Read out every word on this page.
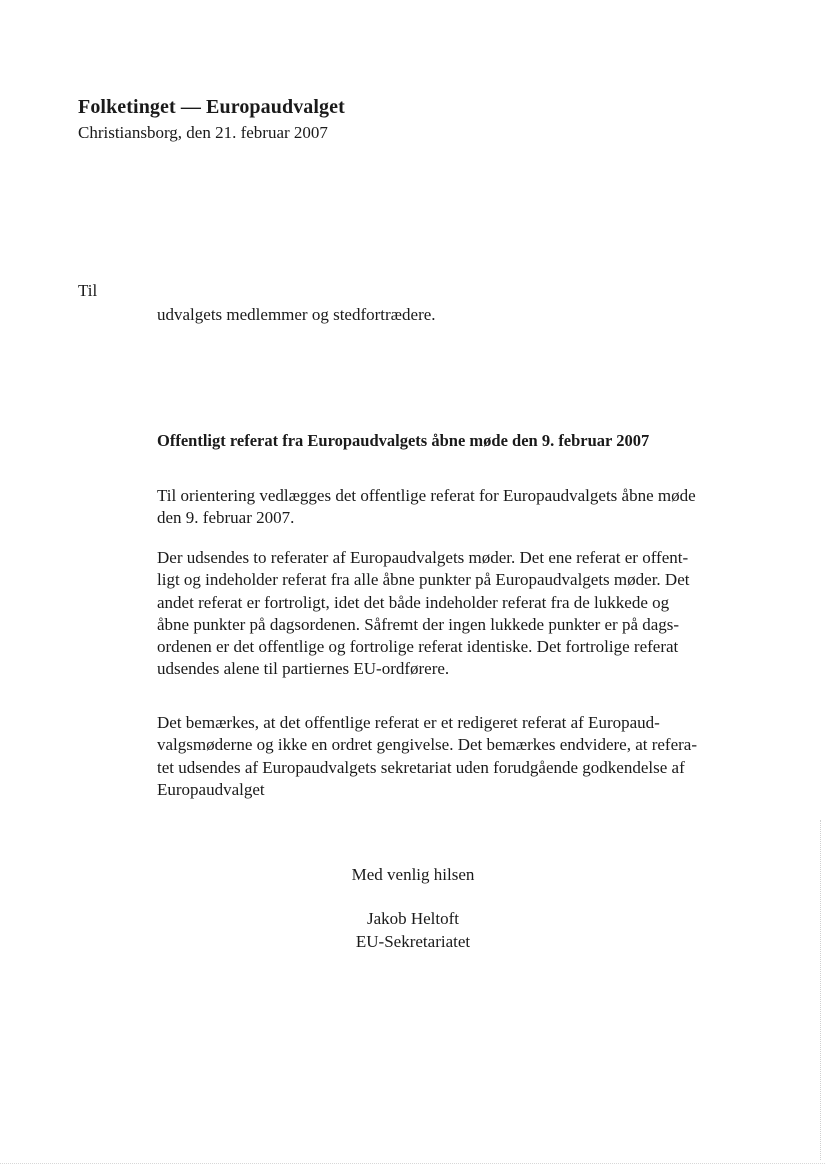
Folketinget — Europaudvalget
Christiansborg, den 21. februar 2007
Til
udvalgets medlemmer og stedfortrædere.
Offentligt referat fra Europaudvalgets åbne møde den 9. februar 2007
Til orientering vedlægges det offentlige referat for Europaudvalgets åbne møde
den 9. februar 2007.
Der udsendes to referater af Europaudvalgets møder. Det ene referat er offent-
ligt og indeholder referat fra alle åbne punkter på Europaudvalgets møder. Det
andet referat er fortroligt, idet det både indeholder referat fra de lukkede og
åbne punkter på dagsordenen. Såfremt der ingen lukkede punkter er på dags-
ordenen er det offentlige og fortrolige referat identiske. Det fortrolige referat
udsendes alene til partiernes EU-ordførere.
Det bemærkes, at det offentlige referat er et redigeret referat af Europaud-
valgsmøderne og ikke en ordret gengivelse. Det bemærkes endvidere, at refera-
tet udsendes af Europaudvalgets sekretariat uden forudgående godkendelse af
Europaudvalget
Med venlig hilsen
Jakob Heltoft
EU-Sekretariatet
